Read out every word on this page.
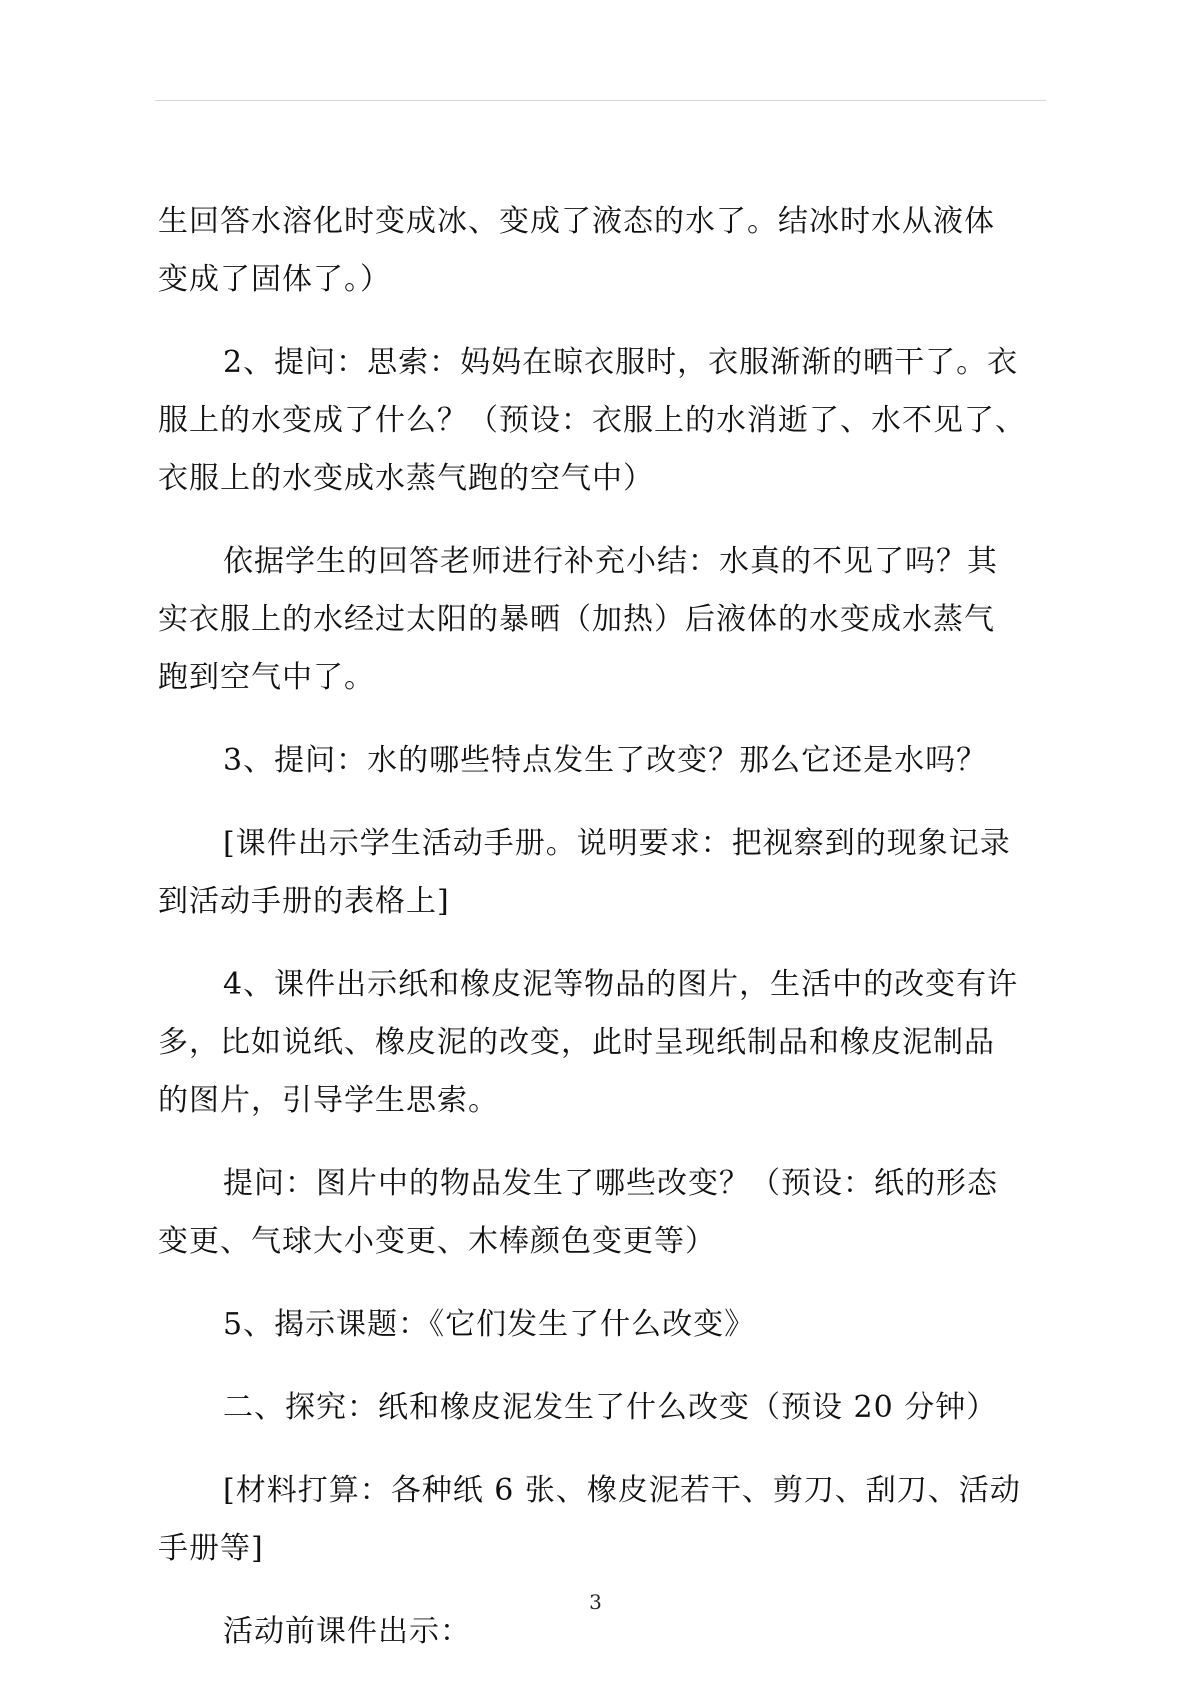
生回答水溶化时变成冰、变成了液态的水了。结冰时水从液体
变成了固体了。）

2、提问：思索：妈妈在晾衣服时，衣服渐渐的晒干了。衣
服上的水变成了什么？（预设：衣服上的水消逝了、水不见了、
衣服上的水变成水蒸气跑的空气中）

依据学生的回答老师进行补充小结：水真的不见了吗？其
实衣服上的水经过太阳的暴晒（加热）后液体的水变成水蒸气
跑到空气中了。

3、提问：水的哪些特点发生了改变？那么它还是水吗？

[课件出示学生活动手册。说明要求：把视察到的现象记录
到活动手册的表格上]

4、课件出示纸和橡皮泥等物品的图片，生活中的改变有许
多，比如说纸、橡皮泥的改变，此时呈现纸制品和橡皮泥制品
的图片，引导学生思索。

提问：图片中的物品发生了哪些改变？（预设：纸的形态
变更、气球大小变更、木棒颜色变更等）

5、揭示课题：《它们发生了什么改变》

二、探究：纸和橡皮泥发生了什么改变（预设 20 分钟）

[材料打算：各种纸 6 张、橡皮泥若干、剪刀、刮刀、活动
手册等]

活动前课件出示：

3
